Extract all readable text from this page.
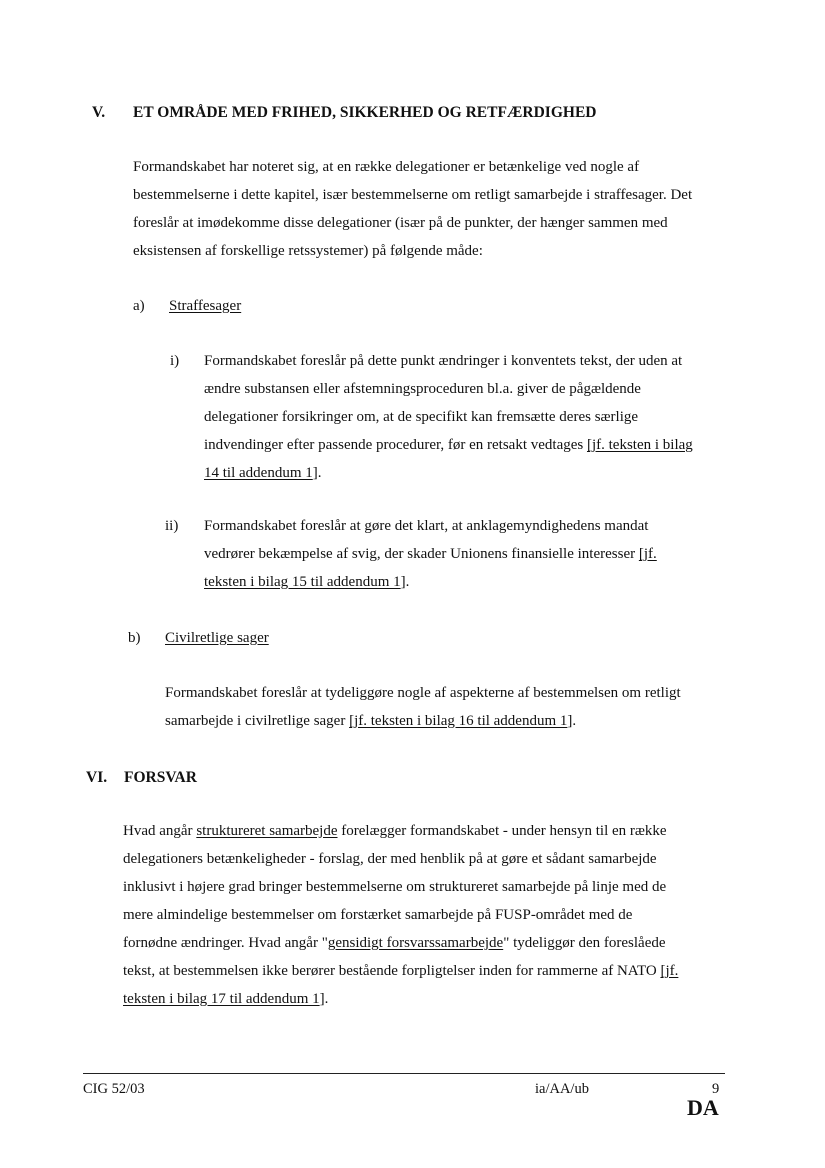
V. ET OMRÅDE MED FRIHED, SIKKERHED OG RETFÆRDIGHED
Formandskabet har noteret sig, at en række delegationer er betænkelige ved nogle af
bestemmelserne i dette kapitel, især bestemmelserne om retligt samarbejde i straffesager. Det
foreslår at imødekomme disse delegationer (især på de punkter, der hænger sammen med
eksistensen af forskellige retssystemer) på følgende måde:
a) Straffesager
i) Formandskabet foreslår på dette punkt ændringer i konventets tekst, der uden at
ændre substansen eller afstemningsproceduren bl.a. giver de pågældende
delegationer forsikringer om, at de specifikt kan fremsætte deres særlige
indvendinger efter passende procedurer, før en retsakt vedtages [jf. teksten i bilag
14 til addendum 1].
ii) Formandskabet foreslår at gøre det klart, at anklagemyndighedens mandat
vedrører bekæmpelse af svig, der skader Unionens finansielle interesser [jf.
teksten i bilag 15 til addendum 1].
b) Civilretlige sager
Formandskabet foreslår at tydeliggøre nogle af aspekterne af bestemmelsen om retligt
samarbejde i civilretlige sager [jf. teksten i bilag 16 til addendum 1].
VI. FORSVAR
Hvad angår struktureret samarbejde forelægger formandskabet - under hensyn til en række
delegationers betænkeligheder - forslag, der med henblik på at gøre et sådant samarbejde
inklusivt i højere grad bringer bestemmelserne om struktureret samarbejde på linje med de
mere almindelige bestemmelser om forstærket samarbejde på FUSP-området med de
fornødne ændringer. Hvad angår "gensidigt forsvarssamarbejde" tydeliggør den foreslåede
tekst, at bestemmelsen ikke berører bestående forpligtelser inden for rammerne af NATO [jf.
teksten i bilag 17 til addendum 1].
CIG 52/03	ia/AA/ub	9
DA
